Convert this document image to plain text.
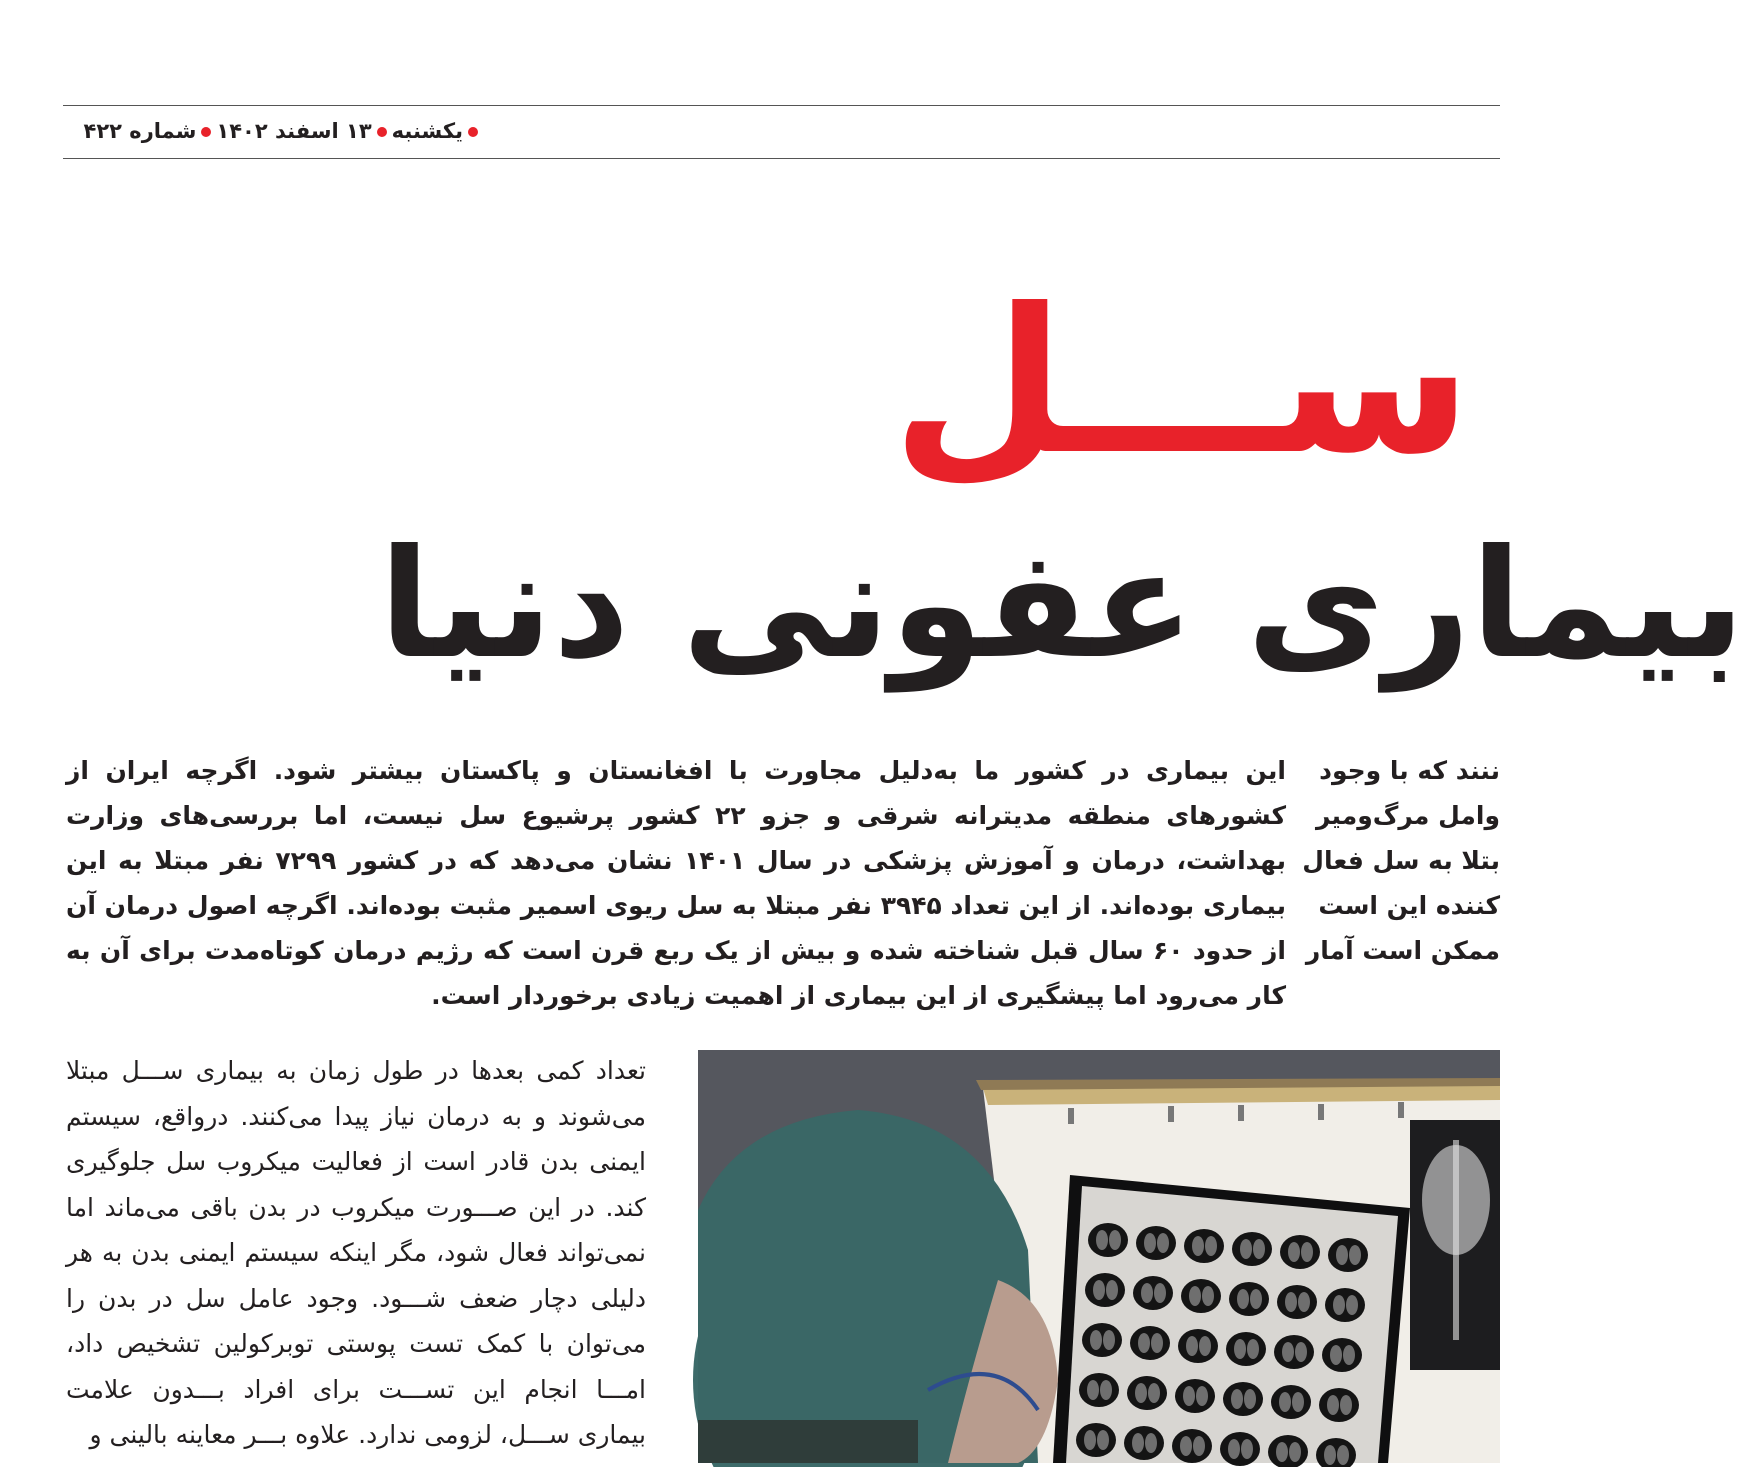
یکشنبه۱۳ اسفند ۱۴۰۲شماره ۴۲۲
ســـل
بیماری عفونی دنیا

این بیماری در کشور ما به‌دلیل مجاورت با افغانستان و پاکستان بیشتر شود. اگرچه ایران از کشورهای منطقه مدیترانه شرقی و جزو ۲۲ کشور پرشیوع سل نیست، اما بررسی‌های وزارت بهداشت، درمان و آموزش پزشکی در سال ۱۴۰۱ نشان می‌دهد که در کشور ۷۲۹۹ نفر مبتلا به این بیماری بوده‌اند. از این تعداد ۳۹۴۵ نفر مبتلا به سل ریوی اسمیر مثبت بوده‌اند. اگرچه اصول درمان آن از حدود ۶۰ سال قبل شناخته شده و بیش از یک ربع قرن است که رژیم درمان کوتاه‌مدت برای آن به کار می‌رود اما پیشگیری از این بیماری از اهمیت زیادی برخوردار است.

ننند که با وجود
وامل مرگ‌ومیر
بتلا به سل فعال
کننده این است
ممکن است آمار

تعداد کمی بعدها در طول زمان به بیماری ســـل مبتلا می‌شوند و به درمان نیاز پیدا می‌کنند. درواقع، سیستم ایمنی بدن قادر است از فعالیت میکروب سل جلوگیری کند. در این صـــورت میکروب در بدن باقی می‌ماند اما نمی‌تواند فعال شود، مگر اینکه سیستم ایمنی بدن به هر دلیلی دچار ضعف شـــود. وجود عامل سل در بدن را می‌توان با کمک تست پوستی توبرکولین تشخیص داد، امـــا انجام این تســـت برای افراد بـــدون علامت بیماری ســـل، لزومی ندارد. علاوه بـــر معاینه بالینی و
